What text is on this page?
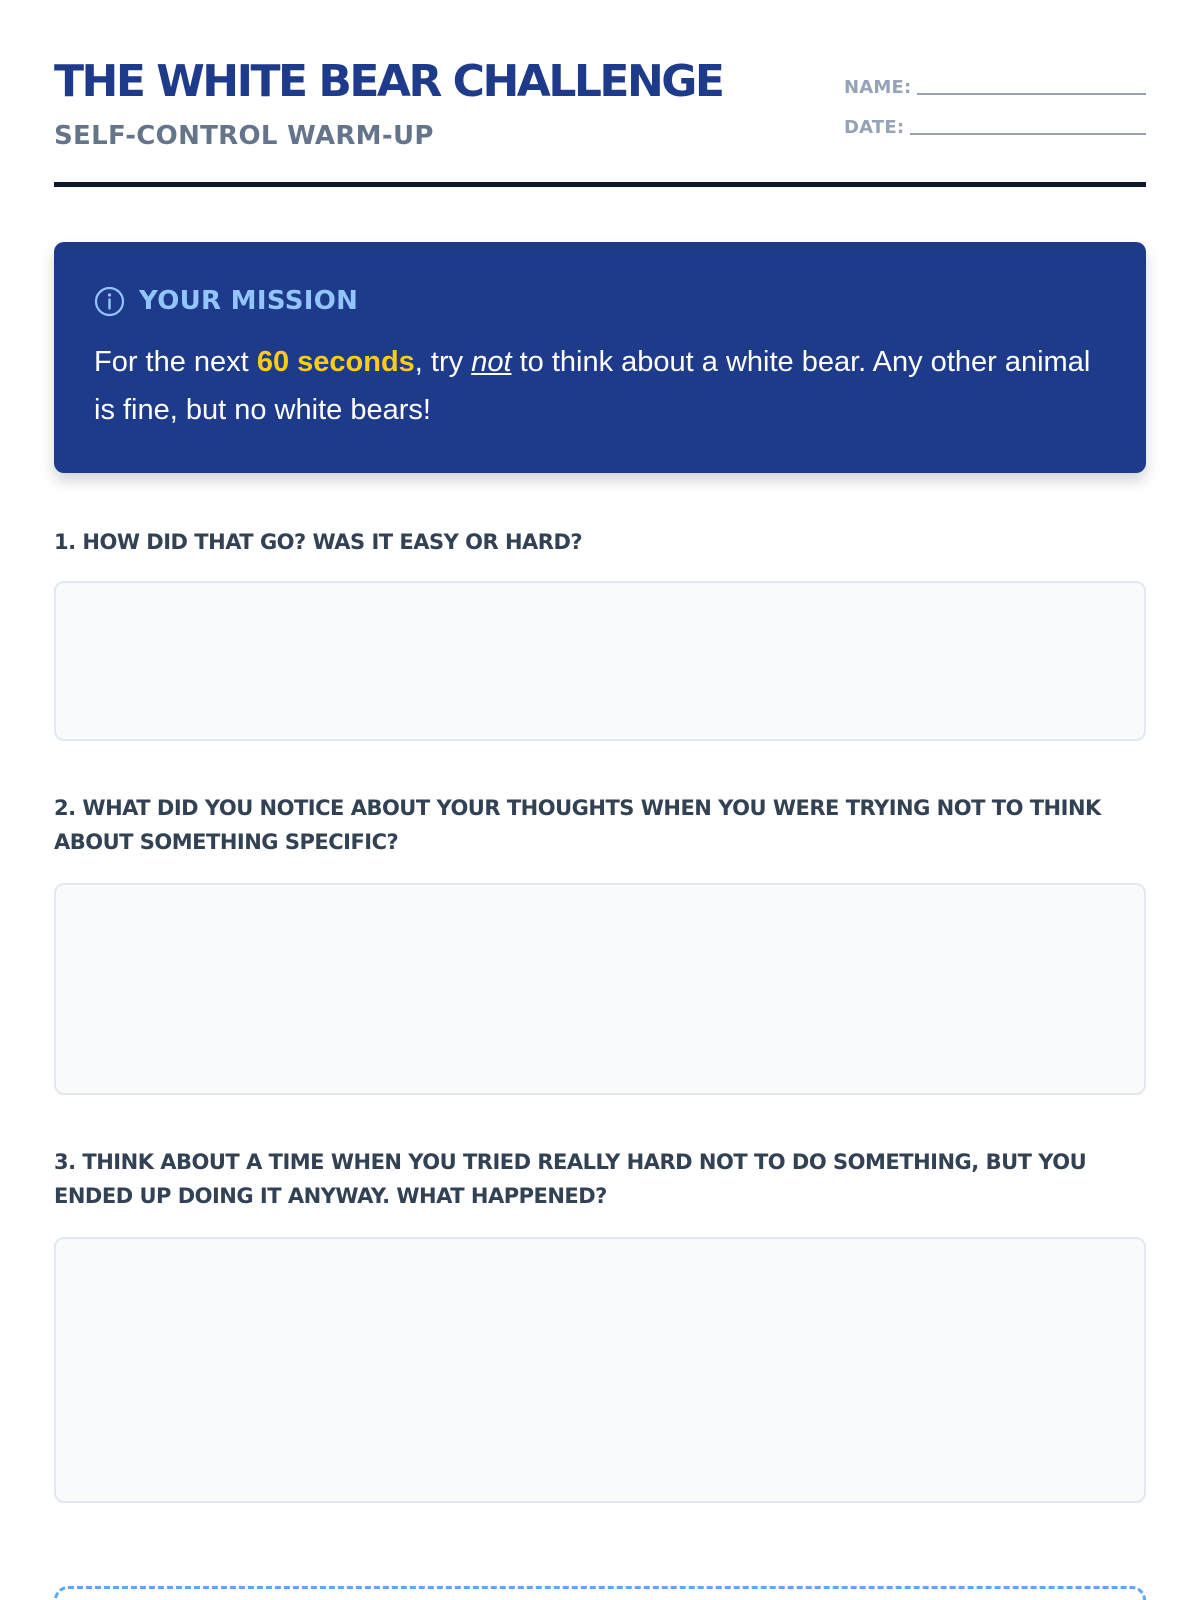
THE WHITE BEAR CHALLENGE
SELF-CONTROL WARM-UP
NAME:
DATE:
YOUR MISSION

For the next 60 seconds, try not to think about a white bear. Any other animal is fine, but no white bears!

1. HOW DID THAT GO? WAS IT EASY OR HARD?
2. WHAT DID YOU NOTICE ABOUT YOUR THOUGHTS WHEN YOU WERE TRYING NOT TO THINK ABOUT SOMETHING SPECIFIC?
3. THINK ABOUT A TIME WHEN YOU TRIED REALLY HARD NOT TO DO SOMETHING, BUT YOU ENDED UP DOING IT ANYWAY. WHAT HAPPENED?
